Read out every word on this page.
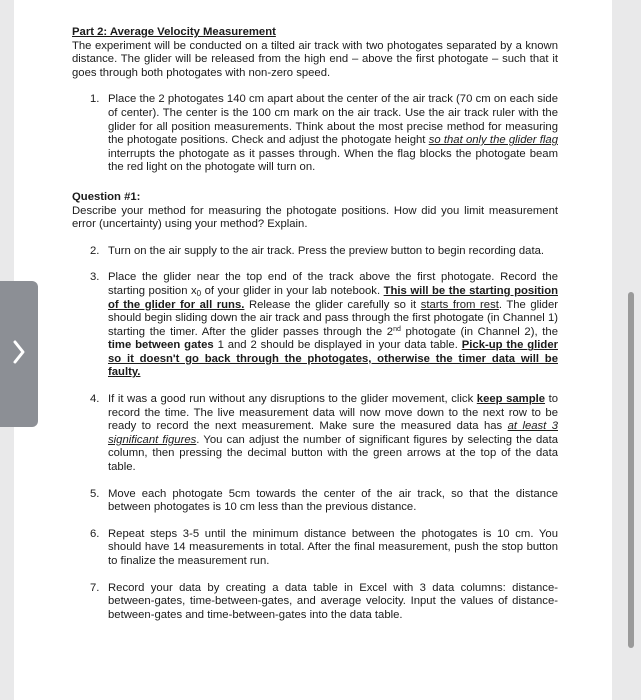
Part 2: Average Velocity Measurement
The experiment will be conducted on a tilted air track with two photogates separated by a known distance. The glider will be released from the high end – above the first photogate – such that it goes through both photogates with non-zero speed.
1. Place the 2 photogates 140 cm apart about the center of the air track (70 cm on each side of center). The center is the 100 cm mark on the air track. Use the air track ruler with the glider for all position measurements. Think about the most precise method for measuring the photogate positions. Check and adjust the photogate height so that only the glider flag interrupts the photogate as it passes through. When the flag blocks the photogate beam the red light on the photogate will turn on.
Question #1:
Describe your method for measuring the photogate positions. How did you limit measurement error (uncertainty) using your method? Explain.
2. Turn on the air supply to the air track. Press the preview button to begin recording data.
3. Place the glider near the top end of the track above the first photogate. Record the starting position $x_0$ of your glider in your lab notebook. This will be the starting position of the glider for all runs. Release the glider carefully so it starts from rest. The glider should begin sliding down the air track and pass through the first photogate (in Channel 1) starting the timer. After the glider passes through the 2nd photogate (in Channel 2), the time between gates 1 and 2 should be displayed in your data table. Pick-up the glider so it doesn't go back through the photogates, otherwise the timer data will be faulty.
4. If it was a good run without any disruptions to the glider movement, click keep sample to record the time. The live measurement data will now move down to the next row to be ready to record the next measurement. Make sure the measured data has at least 3 significant figures. You can adjust the number of significant figures by selecting the data column, then pressing the decimal button with the green arrows at the top of the data table.
5. Move each photogate 5cm towards the center of the air track, so that the distance between photogates is 10 cm less than the previous distance.
6. Repeat steps 3-5 until the minimum distance between the photogates is 10 cm. You should have 14 measurements in total. After the final measurement, push the stop button to finalize the measurement run.
7. Record your data by creating a data table in Excel with 3 data columns: distance-between-gates, time-between-gates, and average velocity. Input the values of distance-between-gates and time-between-gates into the data table.
